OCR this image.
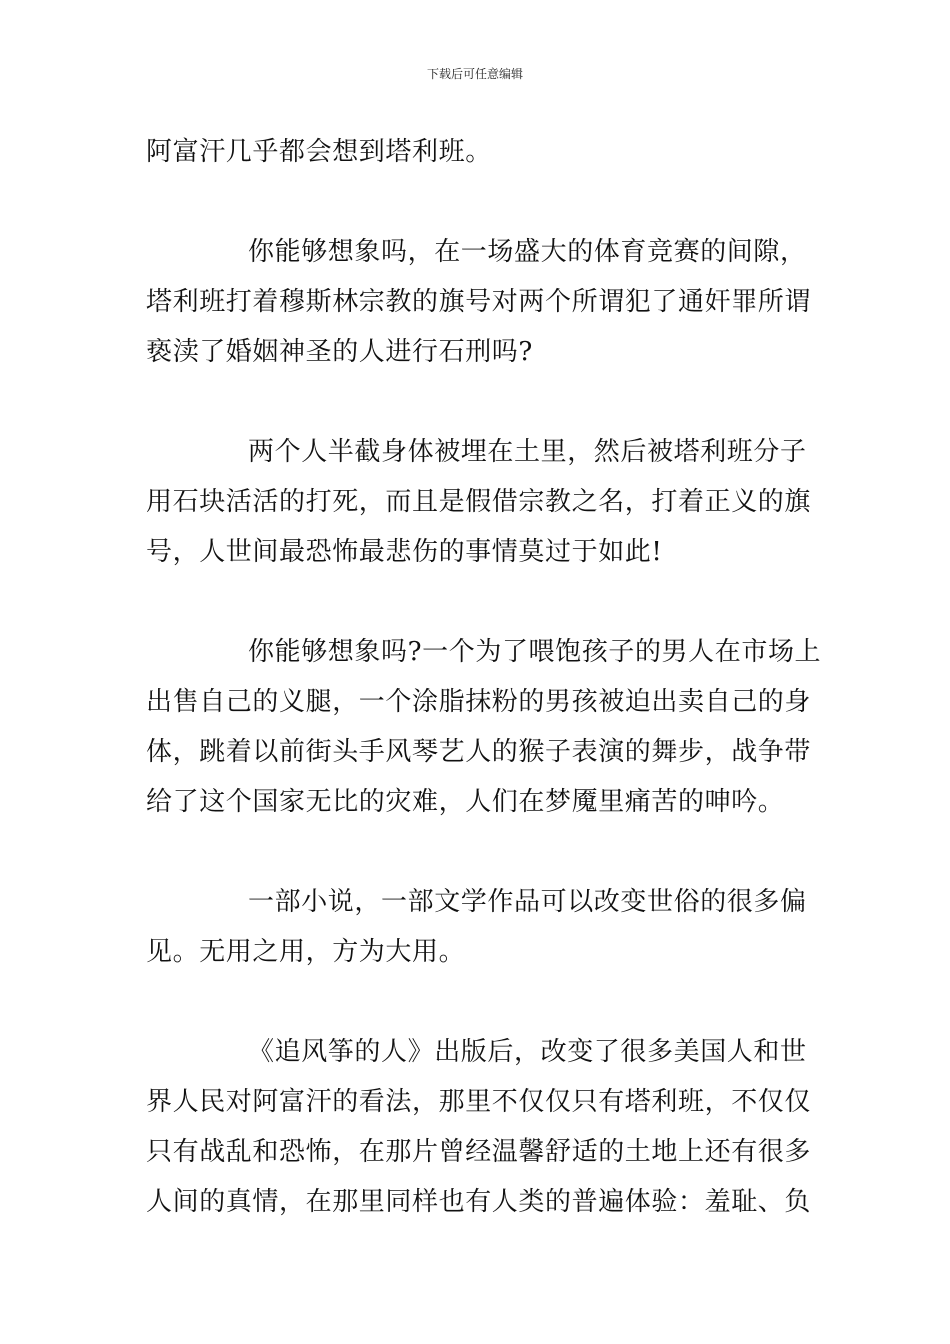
下载后可任意编辑
阿富汗几乎都会想到塔利班。
你能够想象吗，在一场盛大的体育竞赛的间隙，
塔利班打着穆斯林宗教的旗号对两个所谓犯了通奸罪所谓
亵渎了婚姻神圣的人进行石刑吗?
两个人半截身体被埋在土里，然后被塔利班分子
用石块活活的打死，而且是假借宗教之名，打着正义的旗
号，人世间最恐怖最悲伤的事情莫过于如此!
你能够想象吗?一个为了喂饱孩子的男人在市场上
出售自己的义腿，一个涂脂抹粉的男孩被迫出卖自己的身
体，跳着以前街头手风琴艺人的猴子表演的舞步，战争带
给了这个国家无比的灾难，人们在梦魇里痛苦的呻吟。
一部小说，一部文学作品可以改变世俗的很多偏
见。无用之用，方为大用。
《追风筝的人》出版后，改变了很多美国人和世
界人民对阿富汗的看法，那里不仅仅只有塔利班，不仅仅
只有战乱和恐怖，在那片曾经温馨舒适的土地上还有很多
人间的真情，在那里同样也有人类的普遍体验：羞耻、负
